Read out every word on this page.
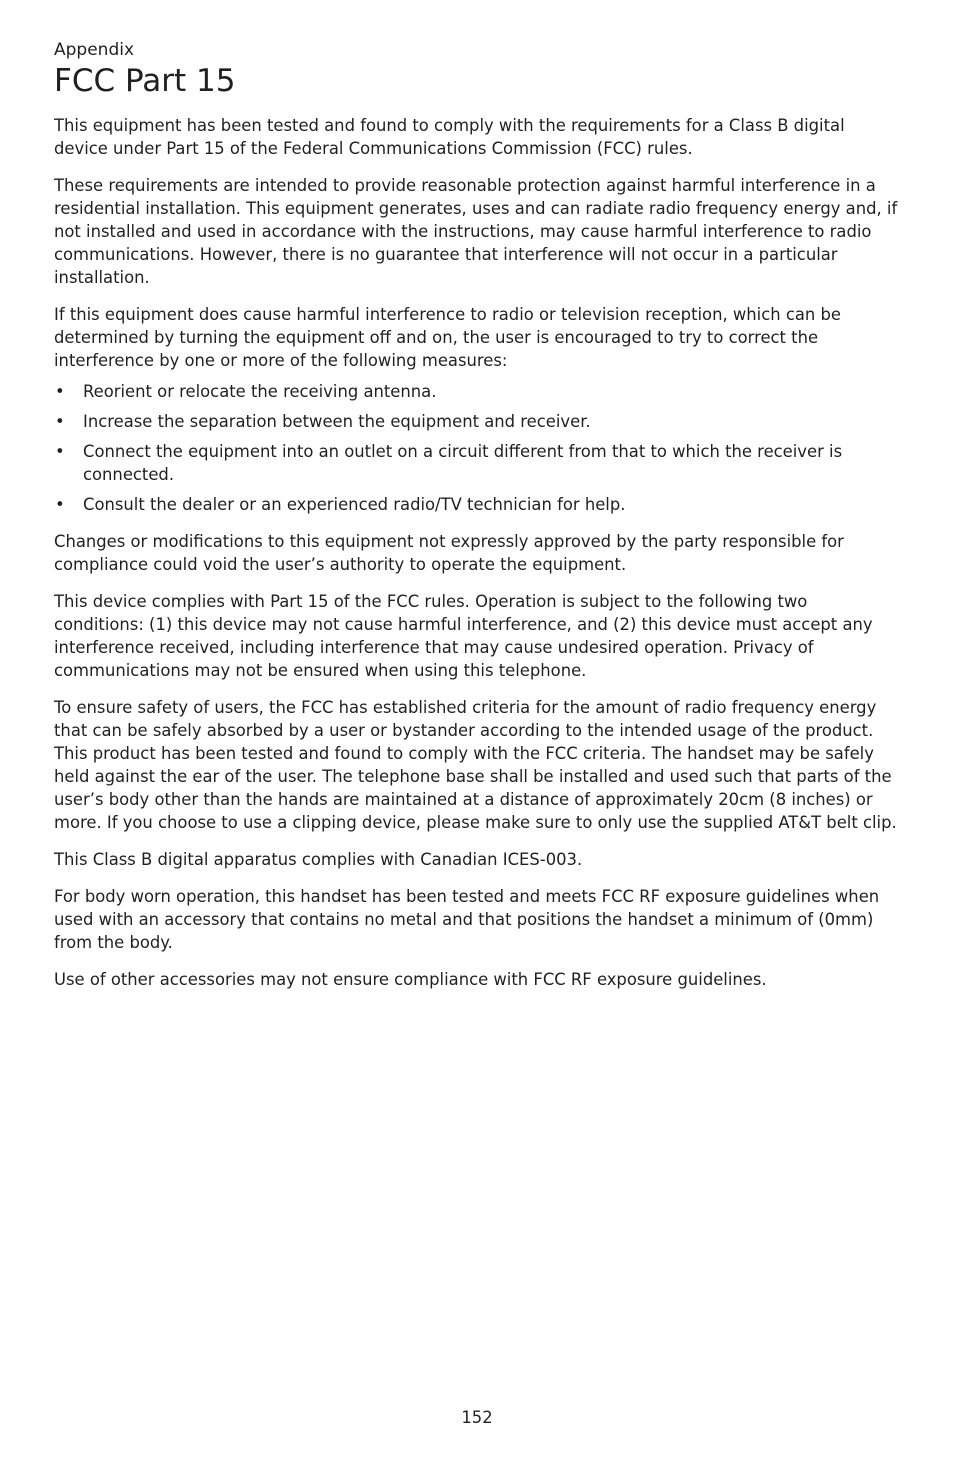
Appendix

FCC Part 15

This equipment has been tested and found to comply with the requirements for a Class B digital device under Part 15 of the Federal Communications Commission (FCC) rules.

These requirements are intended to provide reasonable protection against harmful interference in a residential installation. This equipment generates, uses and can radiate radio frequency energy and, if not installed and used in accordance with the instructions, may cause harmful interference to radio communications. However, there is no guarantee that interference will not occur in a particular installation.

If this equipment does cause harmful interference to radio or television reception, which can be determined by turning the equipment off and on, the user is encouraged to try to correct the interference by one or more of the following measures:

• Reorient or relocate the receiving antenna.
• Increase the separation between the equipment and receiver.
• Connect the equipment into an outlet on a circuit different from that to which the receiver is connected.
• Consult the dealer or an experienced radio/TV technician for help.

Changes or modifications to this equipment not expressly approved by the party responsible for compliance could void the user’s authority to operate the equipment.

This device complies with Part 15 of the FCC rules. Operation is subject to the following two conditions: (1) this device may not cause harmful interference, and (2) this device must accept any interference received, including interference that may cause undesired operation. Privacy of communications may not be ensured when using this telephone.

To ensure safety of users, the FCC has established criteria for the amount of radio frequency energy that can be safely absorbed by a user or bystander according to the intended usage of the product. This product has been tested and found to comply with the FCC criteria. The handset may be safely held against the ear of the user. The telephone base shall be installed and used such that parts of the user’s body other than the hands are maintained at a distance of approximately 20cm (8 inches) or more. If you choose to use a clipping device, please make sure to only use the supplied AT&T belt clip.

This Class B digital apparatus complies with Canadian ICES-003.

For body worn operation, this handset has been tested and meets FCC RF exposure guidelines when used with an accessory that contains no metal and that positions the handset a minimum of (0mm) from the body.

Use of other accessories may not ensure compliance with FCC RF exposure guidelines.

152
